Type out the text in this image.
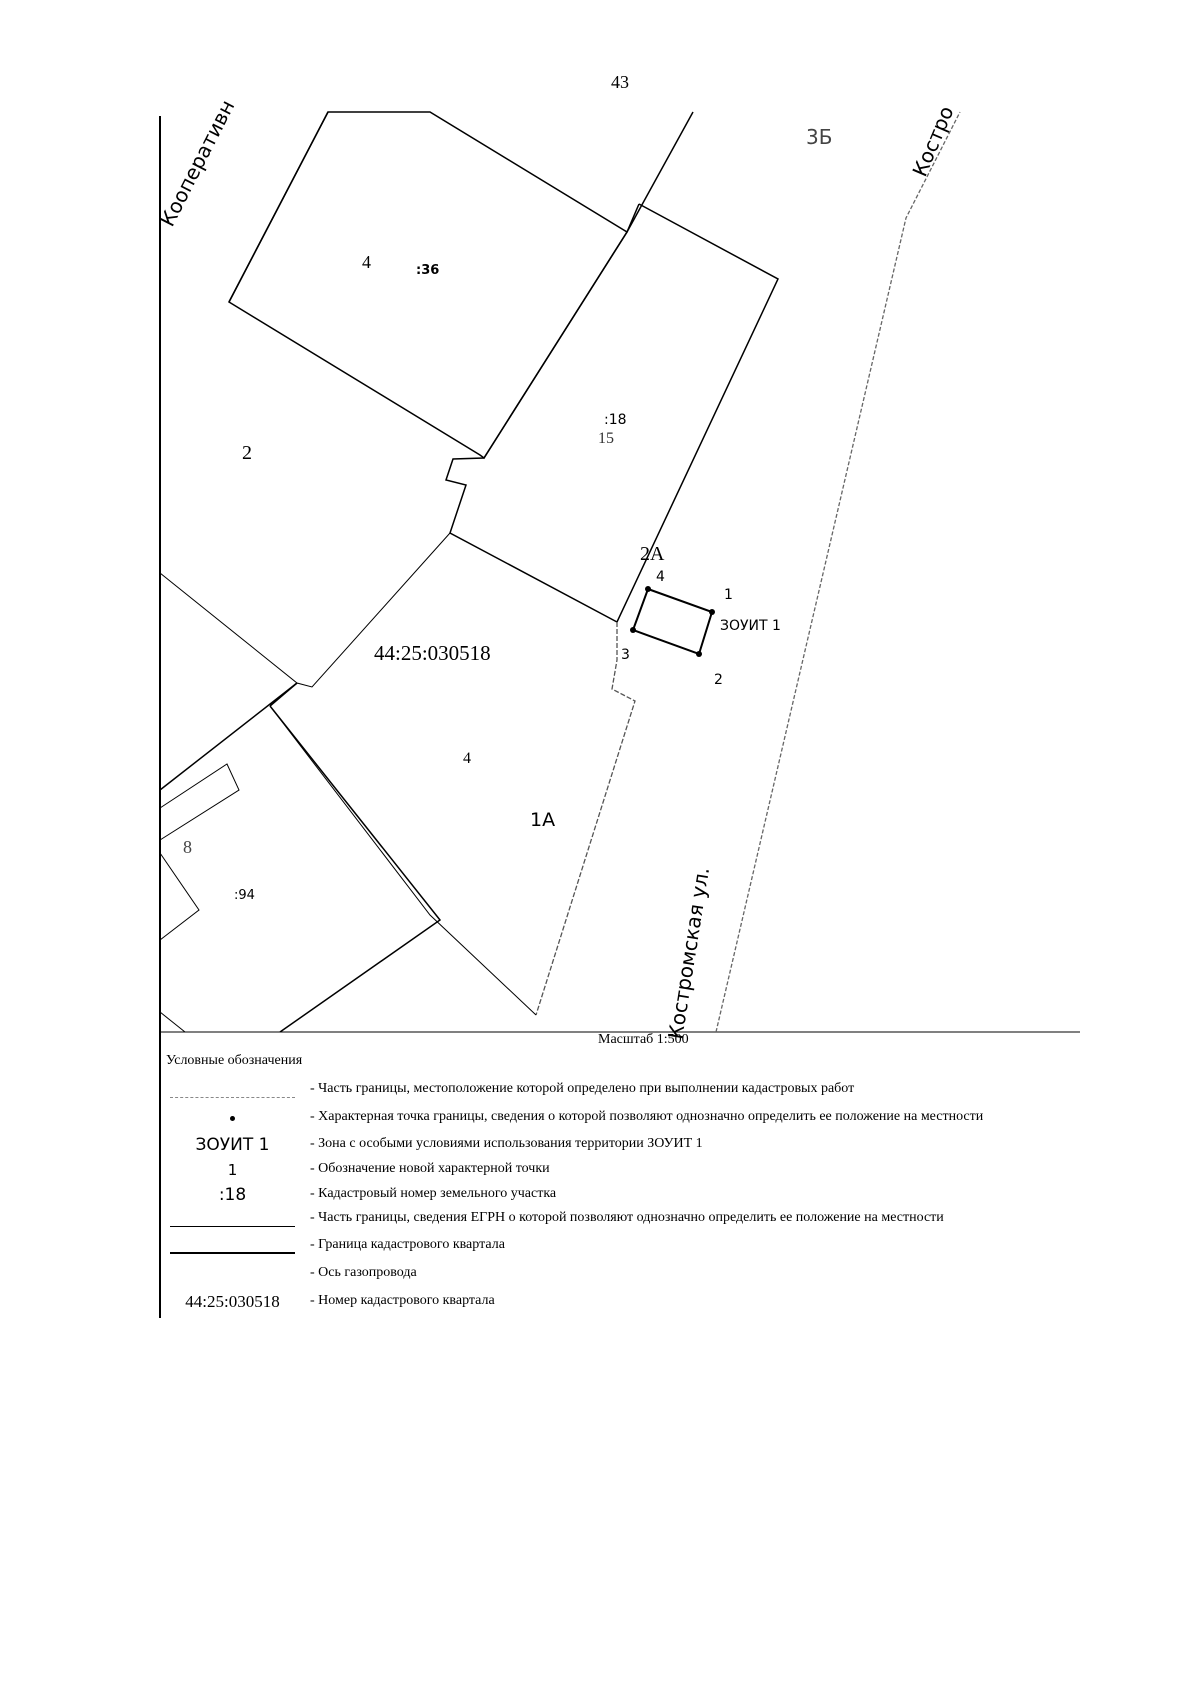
43
Кооперативн	Костро
Костромская ул.
4	:36
:18
15
2
2А
4
1А
8
:94
3Б
44:25:030518
ЗОУИТ 1
1
2
3
4
Масштаб 1:500
Условные обозначения
- Часть границы, местоположение которой определено при выполнении кадастровых работ
- Характерная точка границы, сведения о которой позволяют однозначно определить ее положение на местности
ЗОУИТ 1	- Зона с особыми условиями использования территории ЗОУИТ 1
1	- Обозначение новой характерной точки
:18	- Кадастровый номер земельного участка
- Часть границы, сведения ЕГРН о которой позволяют однозначно определить ее положение на местности
- Граница кадастрового квартала
- Ось газопровода
44:25:030518 - Номер кадастрового квартала
